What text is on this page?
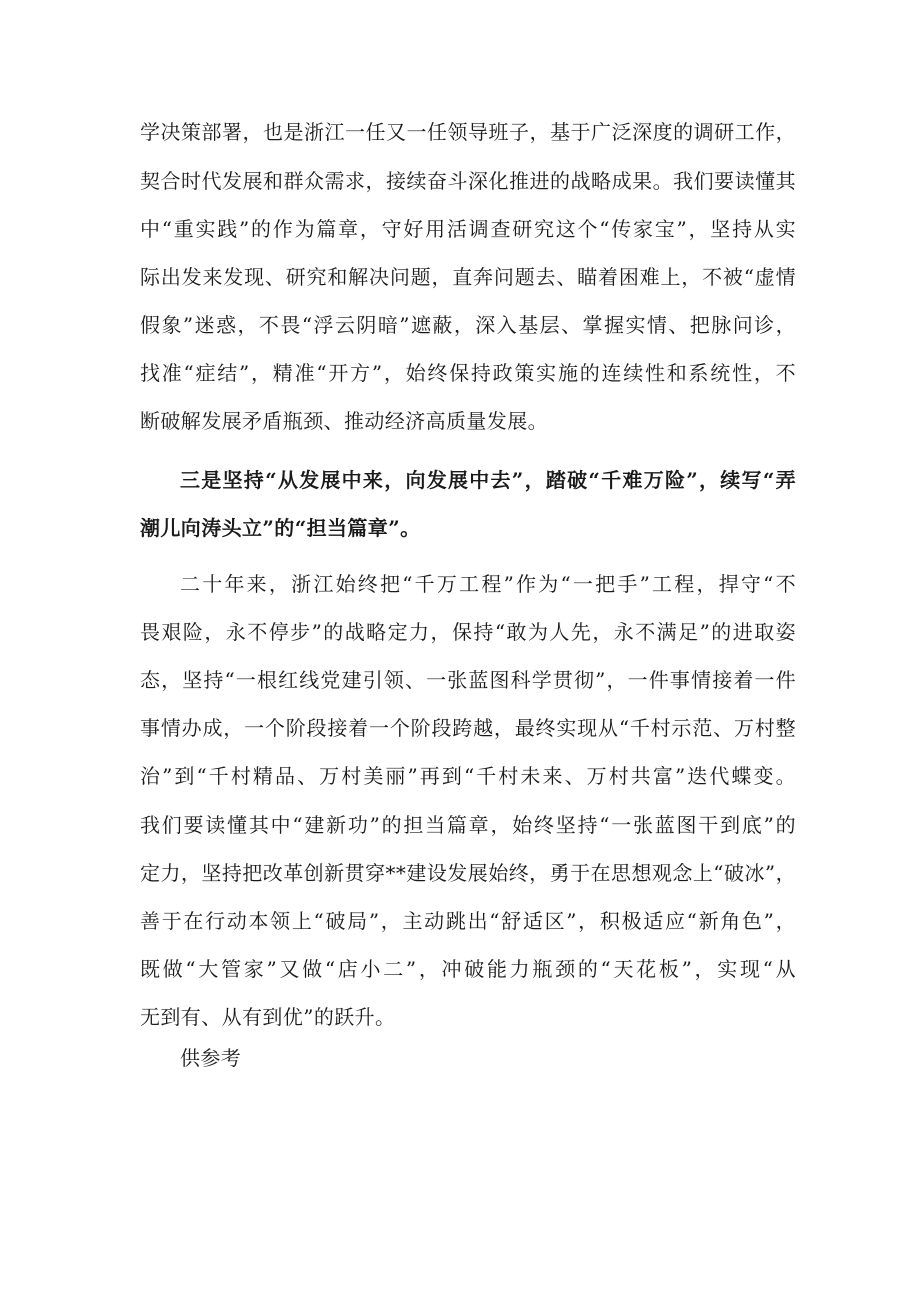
学决策部署，也是浙江一任又一任领导班子，基于广泛深度的调研工作，
契合时代发展和群众需求，接续奋斗深化推进的战略成果。我们要读懂其
中“重实践”的作为篇章，守好用活调查研究这个“传家宝”，坚持从实
际出发来发现、研究和解决问题，直奔问题去、瞄着困难上，不被“虚情
假象”迷惑，不畏“浮云阴暗”遮蔽，深入基层、掌握实情、把脉问诊，
找准“症结”，精准“开方”，始终保持政策实施的连续性和系统性，不
断破解发展矛盾瓶颈、推动经济高质量发展。
三是坚持“从发展中来，向发展中去”，踏破“千难万险”，续写“弄
潮儿向涛头立”的“担当篇章”。
二十年来，浙江始终把“千万工程”作为“一把手”工程，捍守“不
畏艰险，永不停步”的战略定力，保持“敢为人先，永不满足”的进取姿
态，坚持“一根红线党建引领、一张蓝图科学贯彻”，一件事情接着一件
事情办成，一个阶段接着一个阶段跨越，最终实现从“千村示范、万村整
治”到“千村精品、万村美丽”再到“千村未来、万村共富”迭代蝶变。
我们要读懂其中“建新功”的担当篇章，始终坚持“一张蓝图干到底”的
定力，坚持把改革创新贯穿**建设发展始终，勇于在思想观念上“破冰”，
善于在行动本领上“破局”，主动跳出“舒适区”，积极适应“新角色”，
既做“大管家”又做“店小二”，冲破能力瓶颈的“天花板”，实现“从
无到有、从有到优”的跃升。
供参考
